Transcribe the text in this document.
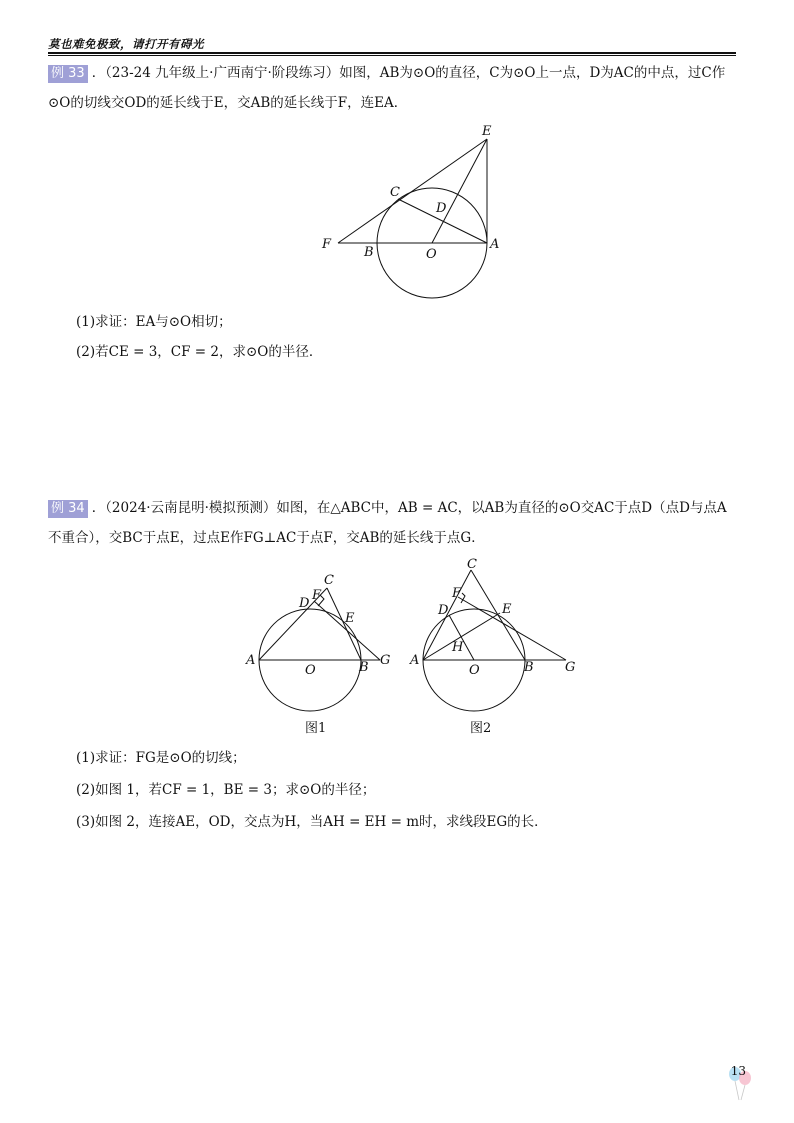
莫也难免极致，请打开有碍光
例 33 ．（23-24 九年级上·广西南宁·阶段练习）如图，AB为⊙O的直径，C为⊙O上一点，D为AC的中点，过C作
⊙O的切线交OD的延长线于E，交AB的延长线于F，连EA．
E
C
D
F
B	O
A
(1)求证：EA与⊙O相切；
(2)若CE = 3，CF = 2，求⊙O的半径．
例 34 ．（2024·云南昆明·模拟预测）如图，在△ABC中，AB = AC，以AB为直径的⊙O交AC于点D（点D与点A
不重合），交BC于点E，过点E作FG⊥AC于点F，交AB的延长线于点G．
C
D
F
E
A
O	B G
图1
C
F
D	E
H
A
O	B G
图2
(1)求证：FG是⊙O的切线；
(2)如图 1，若CF = 1，BE = 3；求⊙O的半径；
(3)如图 2，连接AE，OD，交点为H，当AH = EH = m时，求线段EG的长．
13
